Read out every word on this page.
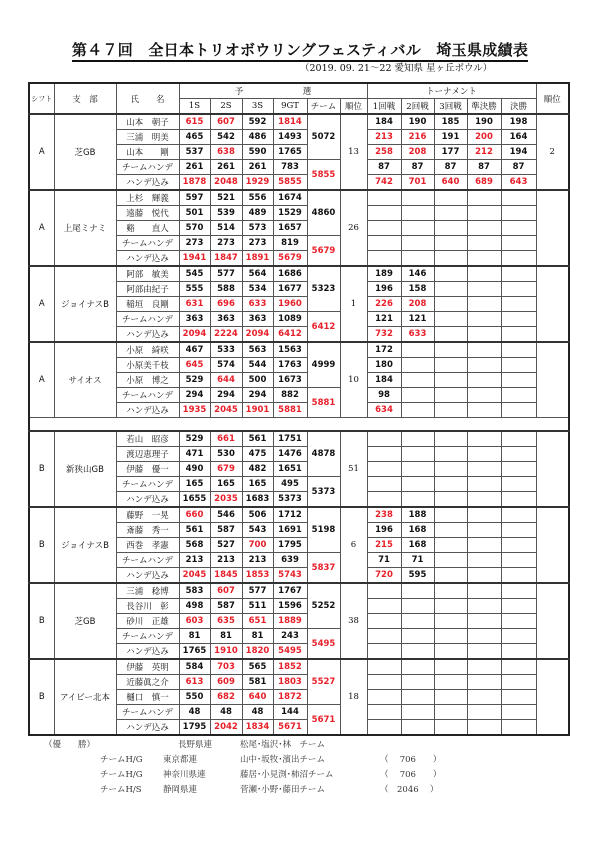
第４７回　全日本トリオボウリングフェスティバル　埼玉県成績表
（2019. 09. 21～22 愛知県 星ヶ丘ボウル）
シフト	支　部	氏　　名	予　　　　　　　選						トーナメント					順位
			1S	2S	3S	9GT	チーム	順位	1回戦	2回戦	3回戦	準決勝	決勝	
A	芝GB	山本　朝子	615	607	592	1814	5072	13	184	190	185	190	198	2
		三浦　明美	465	542	486	1493			213	216	191	200	164	
		山本　　剛	537	638	590	1765			258	208	177	212	194	
		チームハンデ	261	261	261	783	5855		87	87	87	87	87	
		ハンデ込み	1878	2048	1929	5855			742	701	640	689	643	
A	上尾ミナミ	上杉　輝義	597	521	556	1674	4860	26						
		遠藤　悦代	501	539	489	1529								
		谿　　直人	570	514	573	1657								
		チームハンデ	273	273	273	819	5679							
		ハンデ込み	1941	1847	1891	5679								
A	ジョイナスB	阿部　敏美	545	577	564	1686	5323	1	189	146				
		阿部由紀子	555	588	534	1677			196	158				
		稲垣　良剛	631	696	633	1960			226	208				
		チームハンデ	363	363	363	1089	6412		121	121				
		ハンデ込み	2094	2224	2094	6412			732	633				
A	サイオス	小原　綺咲	467	533	563	1563	4999	10	172					
		小原美千枝	645	574	544	1763			180					
		小原　博之	529	644	500	1673			184					
		チームハンデ	294	294	294	882	5881		98					
		ハンデ込み	1935	2045	1901	5881			634					

B	新狭山GB	若山　昭彦	529	661	561	1751	4878	51						
		渡辺恵理子	471	530	475	1476								
		伊藤　優一	490	679	482	1651								
		チームハンデ	165	165	165	495	5373							
		ハンデ込み	1655	2035	1683	5373								
B	ジョイナスB	藤野　一晃	660	546	506	1712	5198	6	238	188				
		斎藤　秀一	561	587	543	1691			196	168				
		西巻　孝憲	568	527	700	1795			215	168				
		チームハンデ	213	213	213	639	5837		71	71				
		ハンデ込み	2045	1845	1853	5743			720	595				
B	芝GB	三浦　稔博	583	607	577	1767	5252	38						
		長谷川　彰	498	587	511	1596								
		砂川　正雄	603	635	651	1889								
		チームハンデ	81	81	81	243	5495							
		ハンデ込み	1765	1910	1820	5495								
B	アイビー北本	伊藤　英明	584	703	565	1852	5527	18						
		近藤眞之介	613	609	581	1803								
		樋口　慎一	550	682	640	1872								
		チームハンデ	48	48	48	144	5671							
		ハンデ込み	1795	2042	1834	5671								
（優　　勝）	長野県連	松尾･塩沢･林　チーム
チームH/G 東京都連	山中･坂牧･濱出チーム	（　 706　　）
チームH/G 神奈川県連	藤居･小見渕･柿沼チーム	（　 706　　）
チームH/S	静岡県連	菅瀬･小野･藤田チーム	（　2046　 ）
